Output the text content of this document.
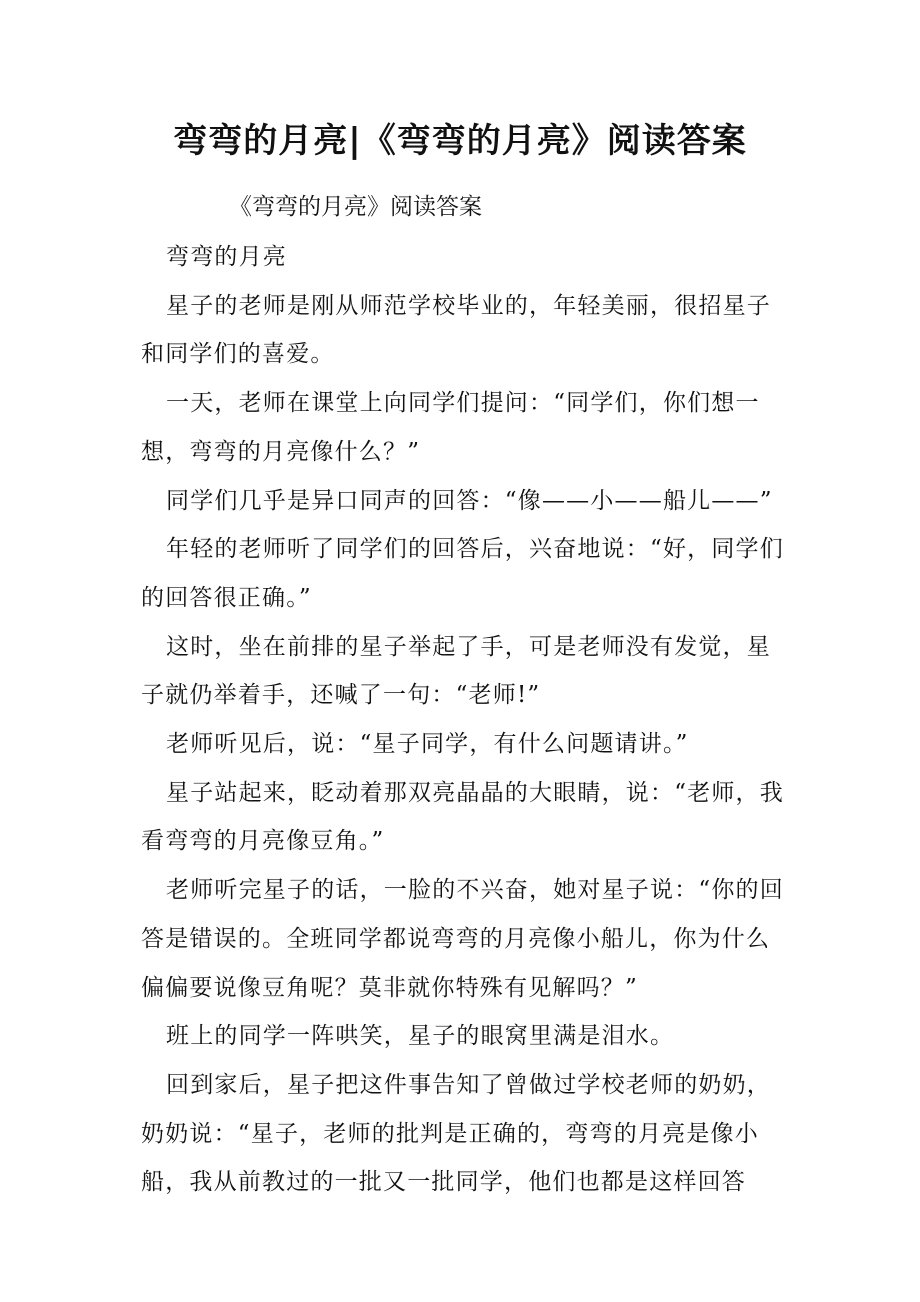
弯弯的月亮|《弯弯的月亮》阅读答案
《弯弯的月亮》阅读答案

弯弯的月亮

星子的老师是刚从师范学校毕业的，年轻美丽，很招星子和同学们的喜爱。

一天，老师在课堂上向同学们提问：“同学们，你们想一想，弯弯的月亮像什么？”

同学们几乎是异口同声的回答：“像——小——船儿——”

年轻的老师听了同学们的回答后，兴奋地说：“好，同学们的回答很正确。”

这时，坐在前排的星子举起了手，可是老师没有发觉，星子就仍举着手，还喊了一句：“老师!”

老师听见后，说：“星子同学，有什么问题请讲。”

星子站起来，眨动着那双亮晶晶的大眼睛，说：“老师，我看弯弯的月亮像豆角。”

老师听完星子的话，一脸的不兴奋，她对星子说：“你的回答是错误的。全班同学都说弯弯的月亮像小船儿，你为什么偏偏要说像豆角呢？莫非就你特殊有见解吗？”

班上的同学一阵哄笑，星子的眼窝里满是泪水。

回到家后，星子把这件事告知了曾做过学校老师的奶奶，奶奶说：“星子，老师的批判是正确的，弯弯的月亮是像小船，我从前教过的一批又一批同学，他们也都是这样回答
